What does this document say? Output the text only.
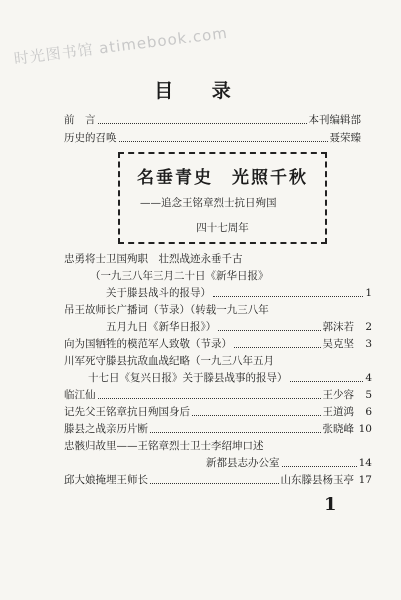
时光图书馆 atimebook.com
目 录
前　言	本刊编辑部
历史的召唤	聂荣臻
名垂青史　光照千秋
——追念王铭章烈士抗日殉国
四十七周年
忠勇将士卫国殉职　壮烈战迹永垂千古
（一九三八年三月二十日《新华日报》
关于滕县战斗的报导）	1
吊王故师长广播词（节录）（转载一九三八年
五月九日《新华日报》）	郭沫若	2
向为国牺牲的模范军人致敬（节录）	吴克坚	3
川军死守滕县抗敌血战纪略（一九三八年五月
十七日《复兴日报》关于滕县战事的报导）	4
临江仙	王少容	5
记先父王铭章抗日殉国身后	王道鸿	6
滕县之战亲历片断	张晓峰 10
忠骸归故里——王铭章烈士卫士李绍坤口述
新都县志办公室	14
邱大娘掩埋王师长	山东滕县杨玉亭 17
1
